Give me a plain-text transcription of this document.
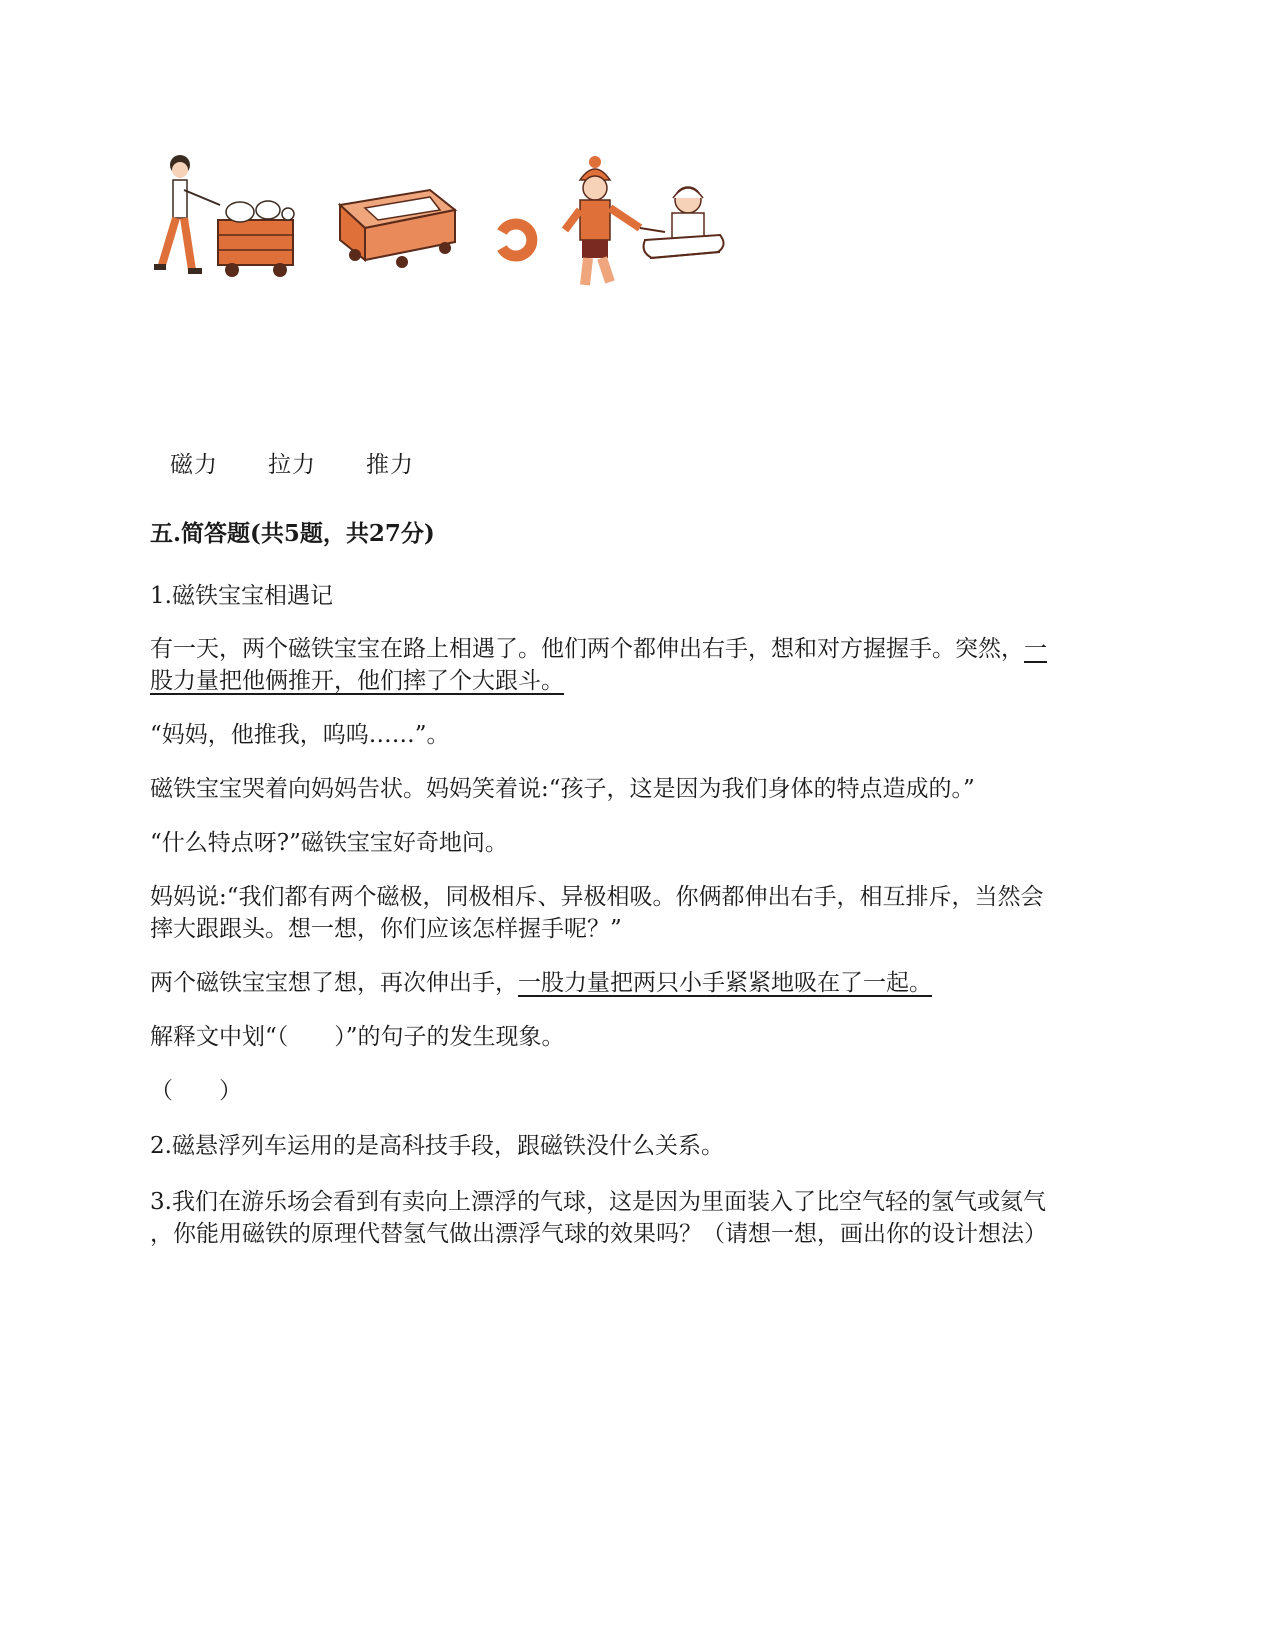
磁力 拉力 推力
五.简答题(共5题，共27分)
1.磁铁宝宝相遇记
有一天，两个磁铁宝宝在路上相遇了。他们两个都伸出右手，想和对方握握手。突然，一
股力量把他俩推开，他们摔了个大跟斗。
“妈妈，他推我，呜呜……”。
磁铁宝宝哭着向妈妈告状。妈妈笑着说:“孩子，这是因为我们身体的特点造成的。”
“什么特点呀?”磁铁宝宝好奇地问。
妈妈说:“我们都有两个磁极，同极相斥、异极相吸。你俩都伸出右手，相互排斥，当然会
摔大跟跟头。想一想，你们应该怎样握手呢？”
两个磁铁宝宝想了想，再次伸出手，一股力量把两只小手紧紧地吸在了一起。
解释文中划“（　　）”的句子的发生现象。
（　　）
2.磁悬浮列车运用的是高科技手段，跟磁铁没什么关系。
3.我们在游乐场会看到有卖向上漂浮的气球，这是因为里面装入了比空气轻的氢气或氦气
，你能用磁铁的原理代替氢气做出漂浮气球的效果吗？（请想一想，画出你的设计想法）
